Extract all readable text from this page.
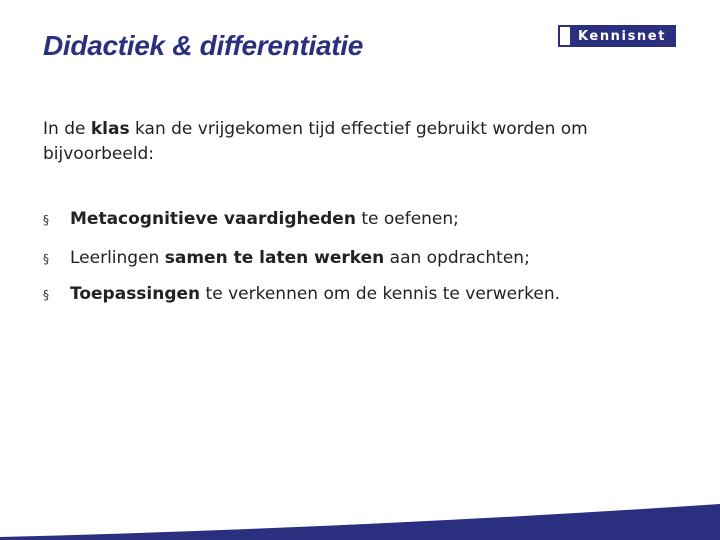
Didactiek & differentiatie	Kennisnet

In de klas kan de vrijgekomen tijd effectief gebruikt worden om bijvoorbeeld:

§ Metacognitieve vaardigheden te oefenen;
§ Leerlingen samen te laten werken aan opdrachten;
§ Toepassingen te verkennen om de kennis te verwerken.
